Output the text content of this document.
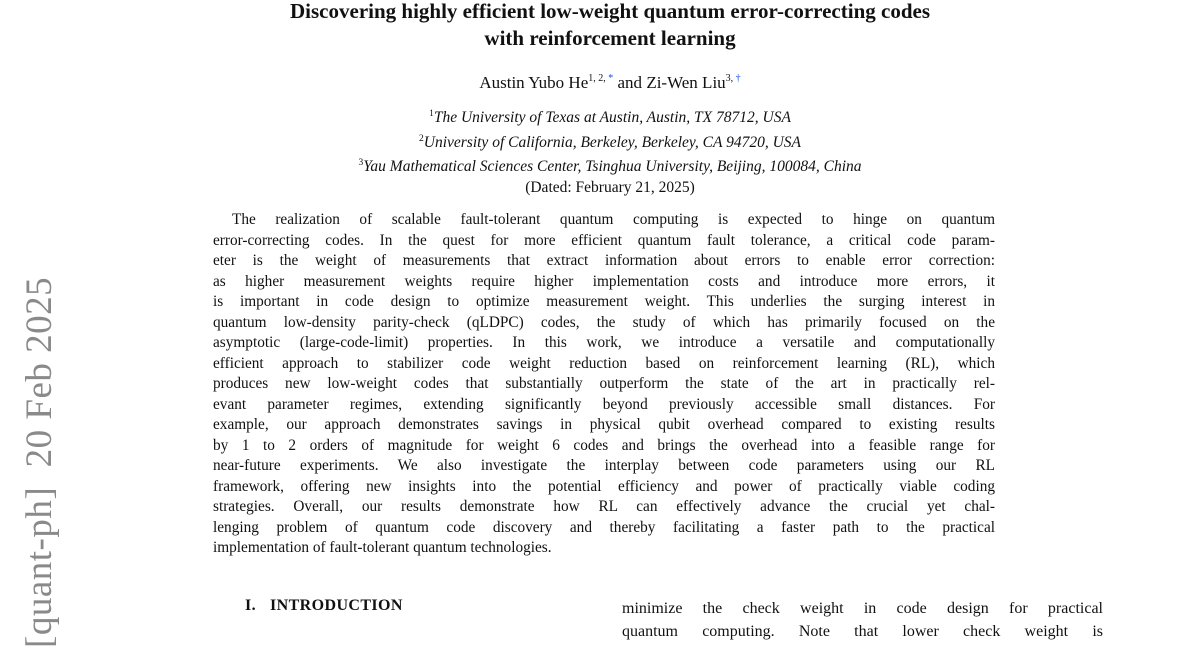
[quant-ph]  20 Feb 2025
Discovering highly efficient low-weight quantum error-correcting codes
with reinforcement learning
Austin Yubo $He^{1, 2, *}$ and Zi-Wen Liu$^{3, \dagger}$
$^1$The University of Texas at Austin, Austin, TX 78712, USA
$^2$University of California, Berkeley, Berkeley, CA 94720, USA
$^3$Yau Mathematical Sciences Center, Tsinghua University, Beijing, 100084, China
(Dated: February 21, 2025)
The realization of scalable fault-tolerant quantum computing is expected to hinge on quantum
error-correcting codes. In the quest for more efficient quantum fault tolerance, a critical code param-
eter is the weight of measurements that extract information about errors to enable error correction:
as higher measurement weights require higher implementation costs and introduce more errors, it
is important in code design to optimize measurement weight. This underlies the surging interest in
quantum low-density parity-check (qLDPC) codes, the study of which has primarily focused on the
asymptotic (large-code-limit) properties. In this work, we introduce a versatile and computationally
efficient approach to stabilizer code weight reduction based on reinforcement learning (RL), which
produces new low-weight codes that substantially outperform the state of the art in practically rel-
evant parameter regimes, extending significantly beyond previously accessible small distances. For
example, our approach demonstrates savings in physical qubit overhead compared to existing results
by 1 to 2 orders of magnitude for weight 6 codes and brings the overhead into a feasible range for
near-future experiments. We also investigate the interplay between code parameters using our RL
framework, offering new insights into the potential efficiency and power of practically viable coding
strategies. Overall, our results demonstrate how RL can effectively advance the crucial yet chal-
lenging problem of quantum code discovery and thereby facilitating a faster path to the practical
implementation of fault-tolerant quantum technologies.
I. INTRODUCTION	minimize the check weight in code design for practical
quantum computing. Note that lower check weight is
